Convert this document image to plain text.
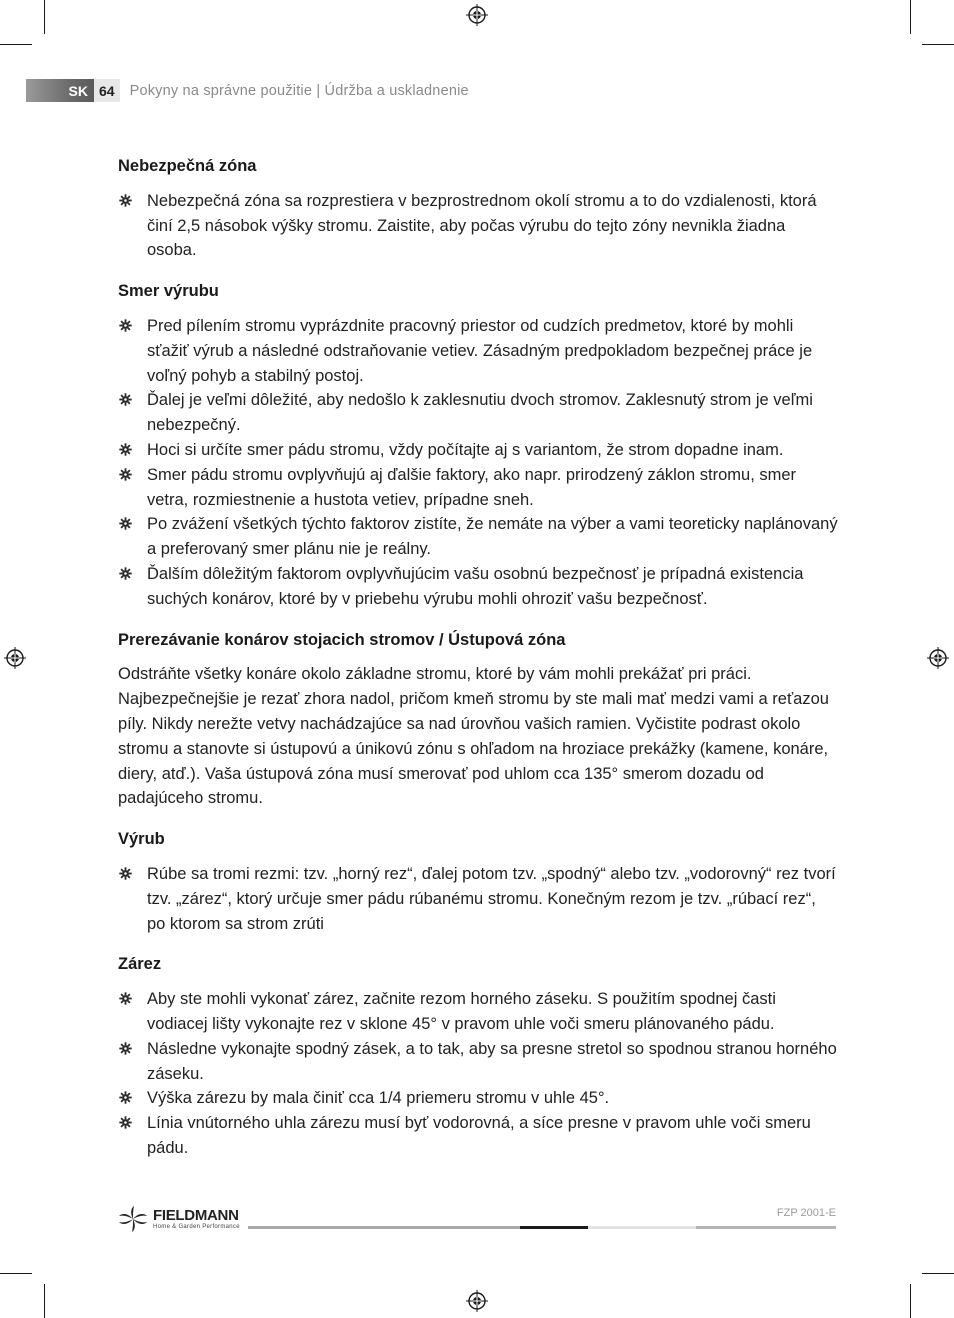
SK 64	Pokyny na správne použitie | Údržba a uskladnenie
Nebezpečná zóna
Nebezpečná zóna sa rozprestiera v bezprostrednom okolí stromu a to do vzdialenosti, ktorá činí 2,5 násobok výšky stromu. Zaistite, aby počas výrubu do tejto zóny nevnikla žiadna osoba.
Smer výrubu
Pred pílením stromu vyprázdnite pracovný priestor od cudzích predmetov, ktoré by mohli sťažiť výrub a následné odstraňovanie vetiev. Zásadným predpokladom bezpečnej práce je voľný pohyb a stabilný postoj.
Ďalej je veľmi dôležité, aby nedošlo k zaklesnutiu dvoch stromov. Zaklesnutý strom je veľmi nebezpečný.
Hoci si určíte smer pádu stromu, vždy počítajte aj s variantom, že strom dopadne inam.
Smer pádu stromu ovplyvňujú aj ďalšie faktory, ako napr. prirodzený záklon stromu, smer vetra, rozmiestnenie a hustota vetiev, prípadne sneh.
Po zvážení všetkých týchto faktorov zistíte, že nemáte na výber a vami teoreticky naplánovaný a preferovaný smer plánu nie je reálny.
Ďalším dôležitým faktorom ovplyvňujúcim vašu osobnú bezpečnosť je prípadná existencia suchých konárov, ktoré by v priebehu výrubu mohli ohroziť vašu bezpečnosť.
Prerezávanie konárov stojacich stromov / Ústupová zóna

Odstráňte všetky konáre okolo základne stromu, ktoré by vám mohli prekážať pri práci. Najbezpečnejšie je rezať zhora nadol, pričom kmeň stromu by ste mali mať medzi vami a reťazou píly. Nikdy nerežte vetvy nachádzajúce sa nad úrovňou vašich ramien. Vyčistite podrast okolo stromu a stanovte si ústupovú a únikovú zónu s ohľadom na hroziace prekážky (kamene, konáre, diery, atď.). Vaša ústupová zóna musí smerovať pod uhlom cca 135° smerom dozadu od padajúceho stromu.

Výrub
Rúbe sa tromi rezmi: tzv. „horný rez“, ďalej potom tzv. „spodný“ alebo tzv. „vodorovný“ rez tvorí tzv. „zárez“, ktorý určuje smer pádu rúbanému stromu. Konečným rezom je tzv. „rúbací rez“, po ktorom sa strom zrúti
Zárez
Aby ste mohli vykonať zárez, začnite rezom horného záseku. S použitím spodnej časti vodiacej lišty vykonajte rez v sklone 45° v pravom uhle voči smeru plánovaného pádu.
Následne vykonajte spodný zásek, a to tak, aby sa presne stretol so spodnou stranou horného záseku.
Výška zárezu by mala činiť cca 1/4 priemeru stromu v uhle 45°.
Línia vnútorného uhla zárezu musí byť vodorovná, a síce presne v pravom uhle voči smeru pádu.
FIELDMANN
Home & Garden Performance
FZP 2001-E
